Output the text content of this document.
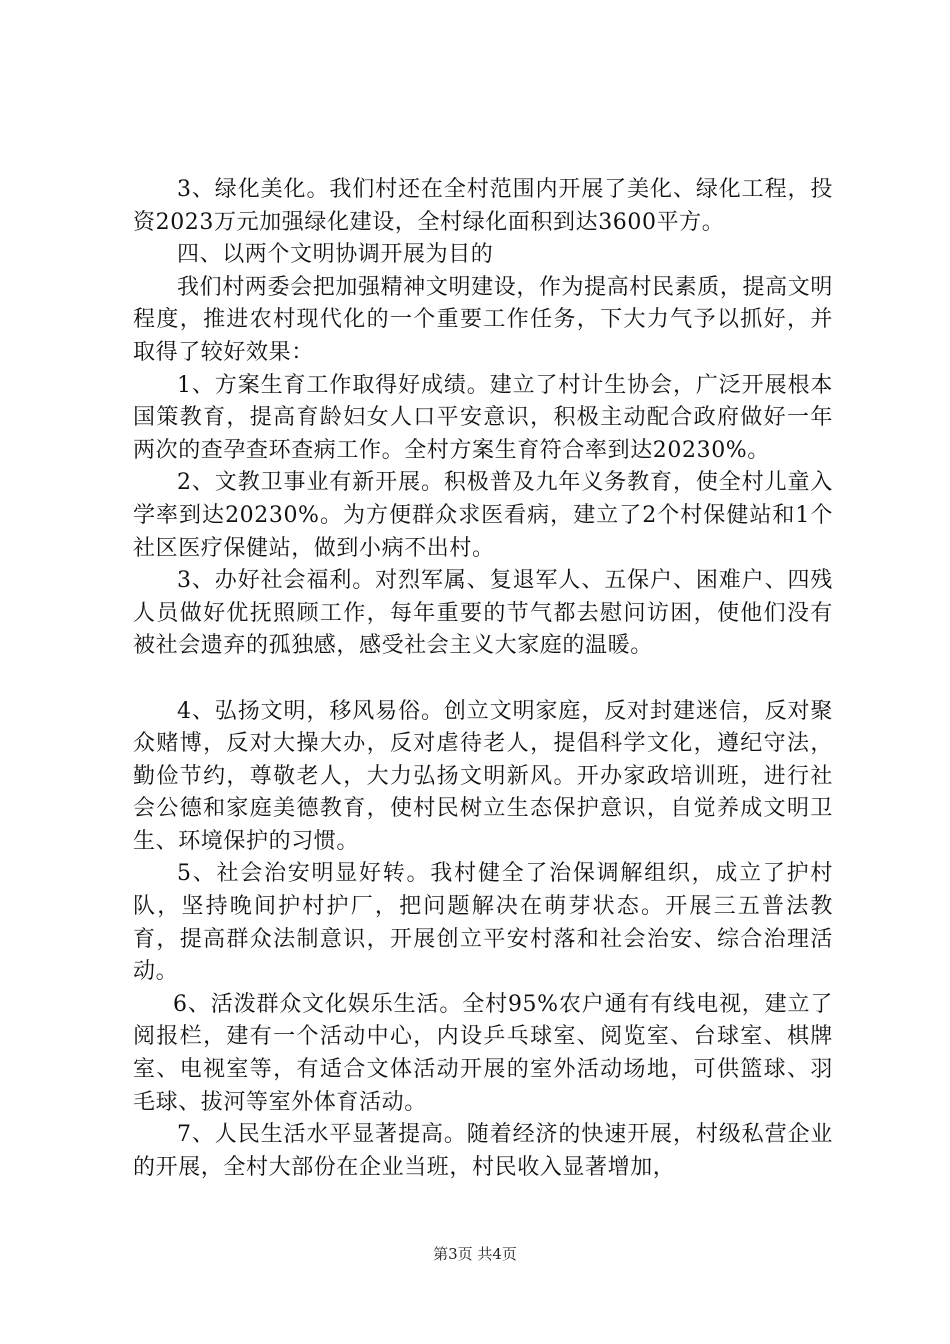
3、绿化美化。我们村还在全村范围内开展了美化、绿化工程，投资2023万元加强绿化建设，全村绿化面积到达3600平方。

四、以两个文明协调开展为目的

我们村两委会把加强精神文明建设，作为提高村民素质，提高文明程度，推进农村现代化的一个重要工作任务，下大力气予以抓好，并取得了较好效果：

1、方案生育工作取得好成绩。建立了村计生协会，广泛开展根本国策教育，提高育龄妇女人口平安意识，积极主动配合政府做好一年两次的查孕查环查病工作。全村方案生育符合率到达20230%。

2、文教卫事业有新开展。积极普及九年义务教育，使全村儿童入学率到达20230%。为方便群众求医看病，建立了2个村保健站和1个社区医疗保健站，做到小病不出村。

3、办好社会福利。对烈军属、复退军人、五保户、困难户、四残人员做好优抚照顾工作，每年重要的节气都去慰问访困，使他们没有被社会遗弃的孤独感，感受社会主义大家庭的温暖。

4、弘扬文明，移风易俗。创立文明家庭，反对封建迷信，反对聚众赌博，反对大操大办，反对虐待老人，提倡科学文化，遵纪守法，勤俭节约，尊敬老人，大力弘扬文明新风。开办家政培训班，进行社会公德和家庭美德教育，使村民树立生态保护意识，自觉养成文明卫生、环境保护的习惯。

5、社会治安明显好转。我村健全了治保调解组织，成立了护村队，坚持晚间护村护厂，把问题解决在萌芽状态。开展三五普法教育，提高群众法制意识，开展创立平安村落和社会治安、综合治理活动。

6、活泼群众文化娱乐生活。全村95%农户通有有线电视，建立了阅报栏，建有一个活动中心，内设乒乓球室、阅览室、台球室、棋牌室、电视室等，有适合文体活动开展的室外活动场地，可供篮球、羽毛球、拔河等室外体育活动。

7、人民生活水平显著提高。随着经济的快速开展，村级私营企业的开展，全村大部份在企业当班，村民收入显著增加，

第3页 共4页
